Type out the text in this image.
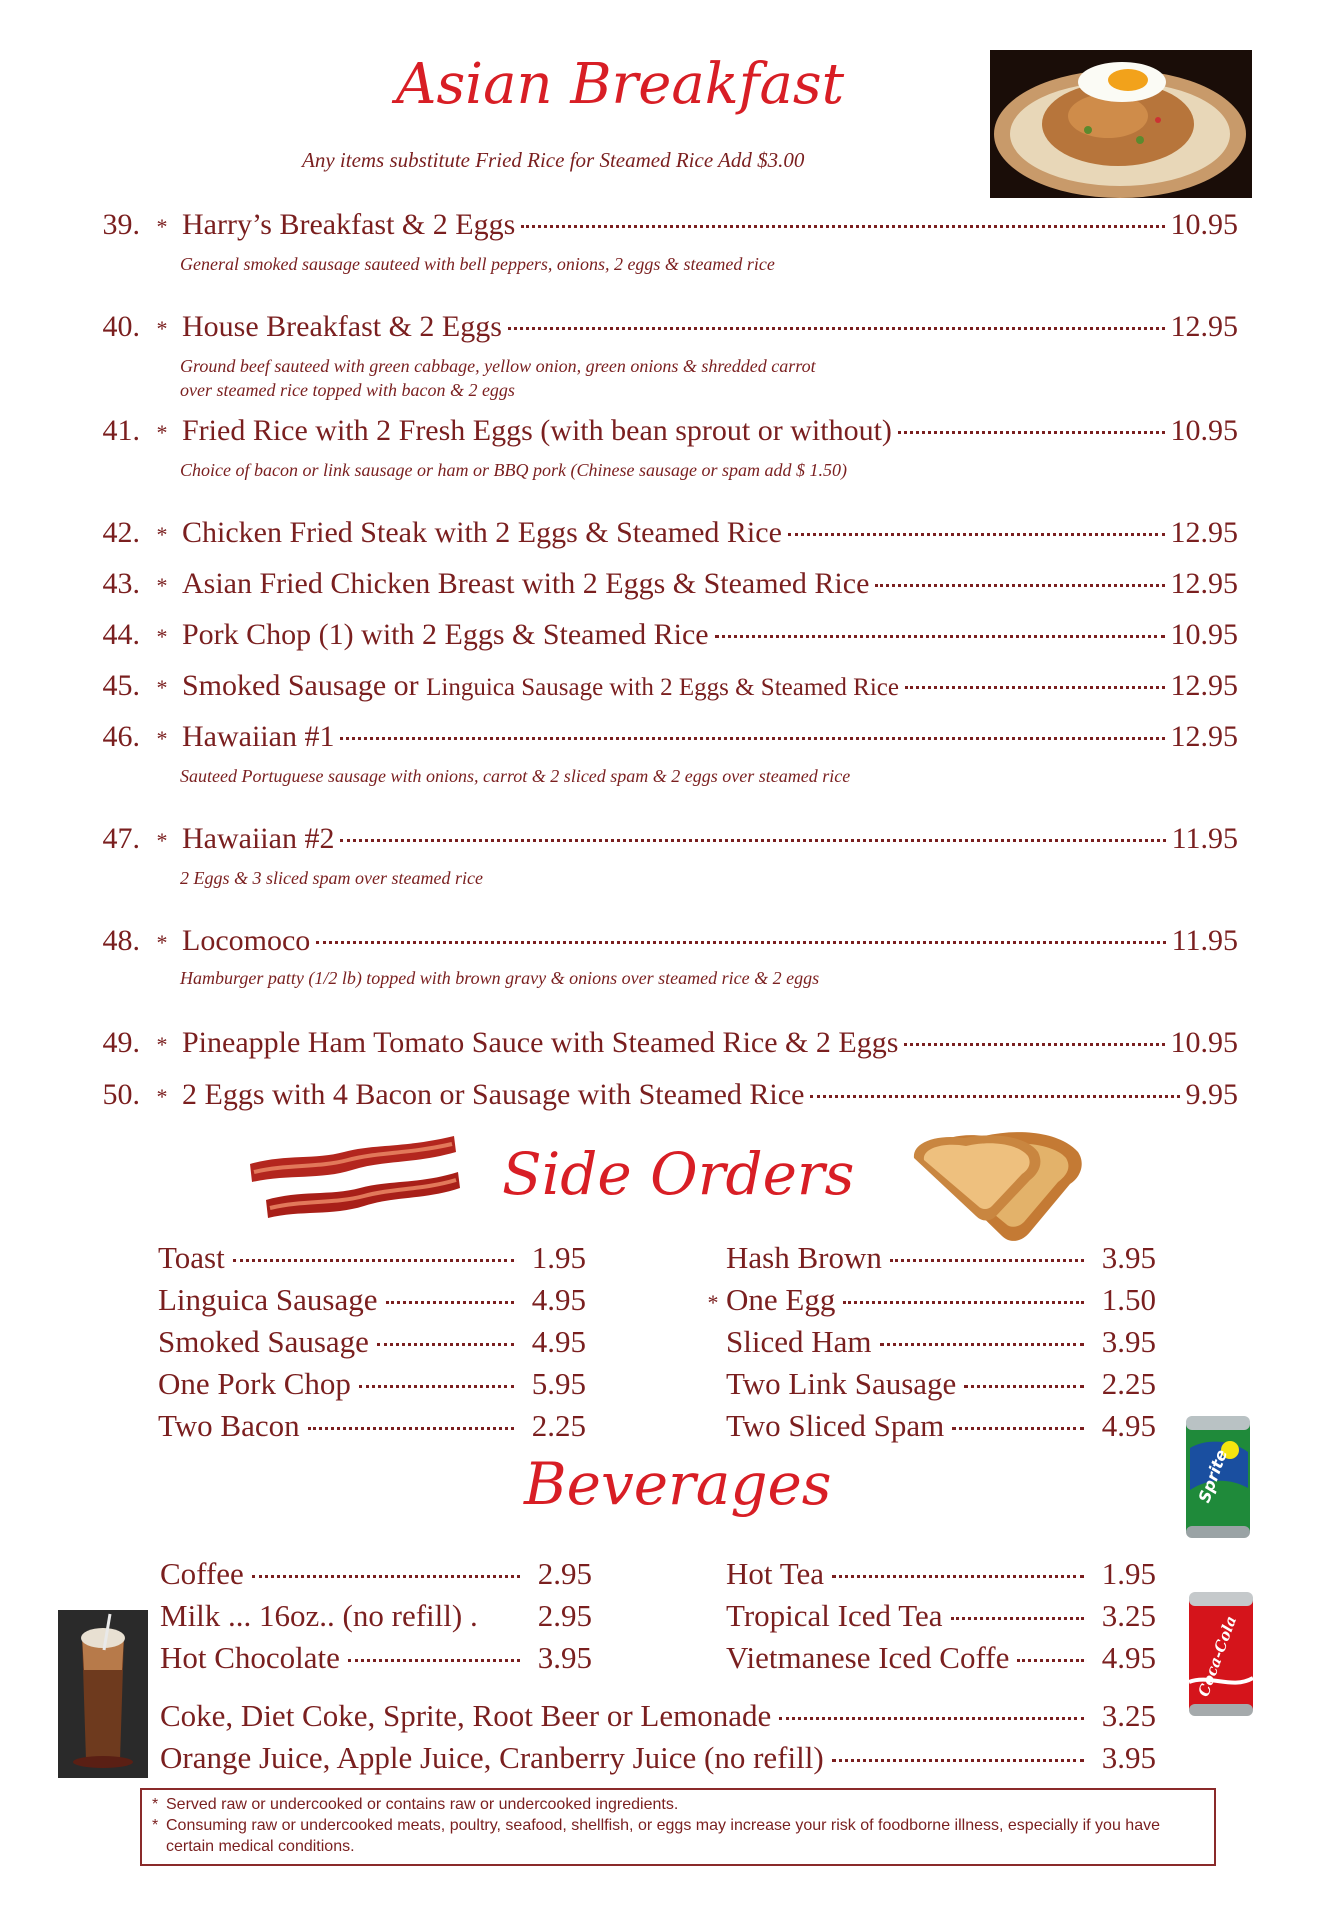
Asian Breakfast
Any items substitute Fried Rice for Steamed Rice Add $3.00
39. * Harry’s Breakfast & 2 Eggs	10.95
General smoked sausage sauteed with bell peppers, onions, 2 eggs & steamed rice
40. * House Breakfast & 2 Eggs	12.95
Ground beef sauteed with green cabbage, yellow onion, green onions & shredded carrot
over steamed rice topped with bacon & 2 eggs
41. * Fried Rice with 2 Fresh Eggs (with bean sprout or without)	10.95
Choice of bacon or link sausage or ham or BBQ pork (Chinese sausage or spam add $ 1.50)
42. * Chicken Fried Steak with 2 Eggs & Steamed Rice	12.95
43. * Asian Fried Chicken Breast with 2 Eggs & Steamed Rice	12.95
44. * Pork Chop (1) with 2 Eggs & Steamed Rice	10.95
45. * Smoked Sausage or Linguica Sausage with 2 Eggs & Steamed Rice	12.95
46. * Hawaiian #1	12.95
Sauteed Portuguese sausage with onions, carrot & 2 sliced spam & 2 eggs over steamed rice
47. * Hawaiian #2	11.95
2 Eggs & 3 sliced spam over steamed rice
48. * Locomoco	11.95
Hamburger patty (1/2 lb) topped with brown gravy & onions over steamed rice & 2 eggs
49. * Pineapple Ham Tomato Sauce with Steamed Rice & 2 Eggs	10.95
50. * 2 Eggs with 4 Bacon or Sausage with Steamed Rice	9.95
Side Orders
Toast	1.95
Linguica Sausage	4.95
Smoked Sausage	4.95
One Pork Chop	5.95
Two Bacon	2.25
Hash Brown	3.95
* One Egg	1.50
Sliced Ham	3.95
Two Link Sausage	2.25
Two Sliced Spam	4.95
Sprite
Beverages
Coffee	2.95
Milk ... 16oz.. (no refill) .	2.95
Hot Chocolate	3.95
Hot Tea	1.95
Tropical Iced Tea	3.25
Vietmanese Iced Coffe	4.95
Coke, Diet Coke, Sprite, Root Beer or Lemonade	3.25
Orange Juice, Apple Juice, Cranberry Juice (no refill)	3.95
Coca-Cola
* Served raw or undercooked or contains raw or undercooked ingredients.
* Consuming raw or undercooked meats, poultry, seafood, shellfish, or eggs may increase your risk of foodborne illness, especially if you have certain medical conditions.
